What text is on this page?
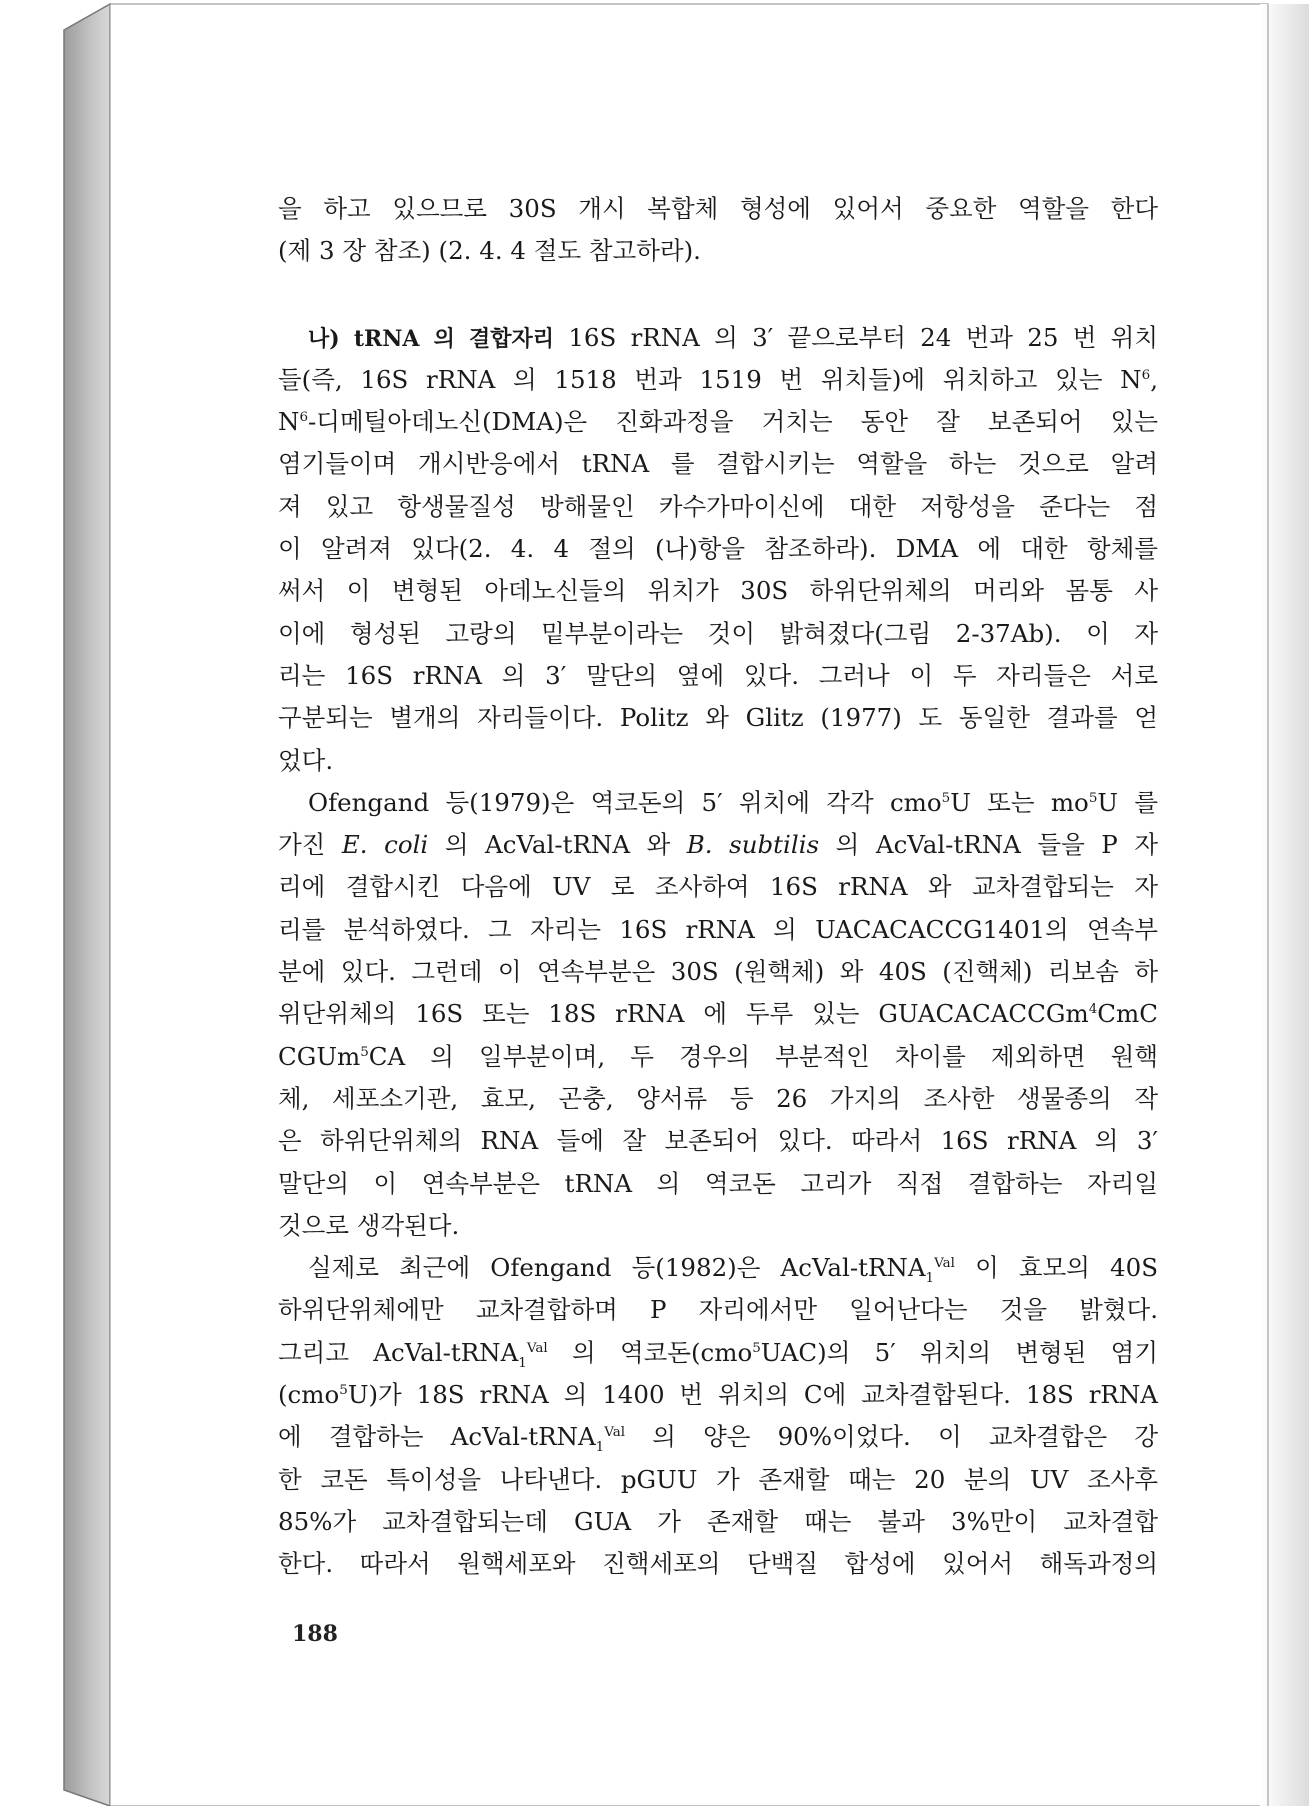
을 하고 있으므로 30S 개시 복합체 형성에 있어서 중요한 역할을 한다
(제 3 장 참조) (2. 4. 4 절도 참고하라).
나) tRNA 의 결합자리 16S rRNA 의 3′ 끝으로부터 24 번과 25 번 위치
들(즉, 16S rRNA 의 1518 번과 1519 번 위치들)에 위치하고 있는 $N^6$,
$N^6-$디메틸아데노신(DMA)은 진화과정을 거치는 동안 잘 보존되어 있는
염기들이며 개시반응에서 tRNA 를 결합시키는 역할을 하는 것으로 알려
져 있고 항생물질성 방해물인 카수가마이신에 대한 저항성을 준다는 점
이 알려져 있다(2. 4. 4 절의 (나)항을 참조하라). DMA 에 대한 항체를
써서 이 변형된 아데노신들의 위치가 30S 하위단위체의 머리와 몸통 사
이에 형성된 고랑의 밑부분이라는 것이 밝혀졌다(그림 2-37Ab). 이 자
리는 16S rRNA 의 3′ 말단의 옆에 있다. 그러나 이 두 자리들은 서로
구분되는 별개의 자리들이다. Politz 와 Glitz (1977) 도 동일한 결과를 얻
었다.
Ofengand 등(1979)은 역코돈의 5′ 위치에 각각 cmo$^5$U 또는 $mo^5U$ 를
가진 E. coli 의 AcVal-tRNA 와 B. subtilis 의 AcVal-tRNA 들을 P 자
리에 결합시킨 다음에 UV 로 조사하여 16S rRNA 와 교차결합되는 자
리를 분석하였다. 그 자리는 16S rRNA 의 UACACACCG1401의 연속부
분에 있다. 그런데 이 연속부분은 30S (원핵체) 와 40S (진핵체) 리보솜 하
위단위체의 16S 또는 18S rRNA 에 두루 있는 GUACACACCGm$^4$CmC
CGUm$^5$CA 의 일부분이며, 두 경우의 부분적인 차이를 제외하면 원핵
체, 세포소기관, 효모, 곤충, 양서류 등 26 가지의 조사한 생물종의 작
은 하위단위체의 RNA 들에 잘 보존되어 있다. 따라서 16S rRNA 의 3′
말단의 이 연속부분은 tRNA 의 역코돈 고리가 직접 결합하는 자리일
것으로 생각된다.
실제로 최근에 Ofengand 등(1982)은 AcVal-tRNA$_1^{Val}$ 이 효모의 40S
하위단위체에만 교차결합하며 P 자리에서만 일어난다는 것을 밝혔다.
그리고 AcVal-tRNA$_1^{Val}$ 의 역코돈(cmo$^5$UAC)의 5′ 위치의 변형된 염기
(cmo$^5$U)가 18S rRNA 의 1400 번 위치의 C에 교차결합된다. 18S rRNA
에 결합하는 AcVal-tRNA$_1^{Val}$ 의 양은 90%이었다. 이 교차결합은 강
한 코돈 특이성을 나타낸다. pGUU 가 존재할 때는 20 분의 UV 조사후
85%가 교차결합되는데 GUA 가 존재할 때는 불과 3%만이 교차결합
한다. 따라서 원핵세포와 진핵세포의 단백질 합성에 있어서 해독과정의
188
